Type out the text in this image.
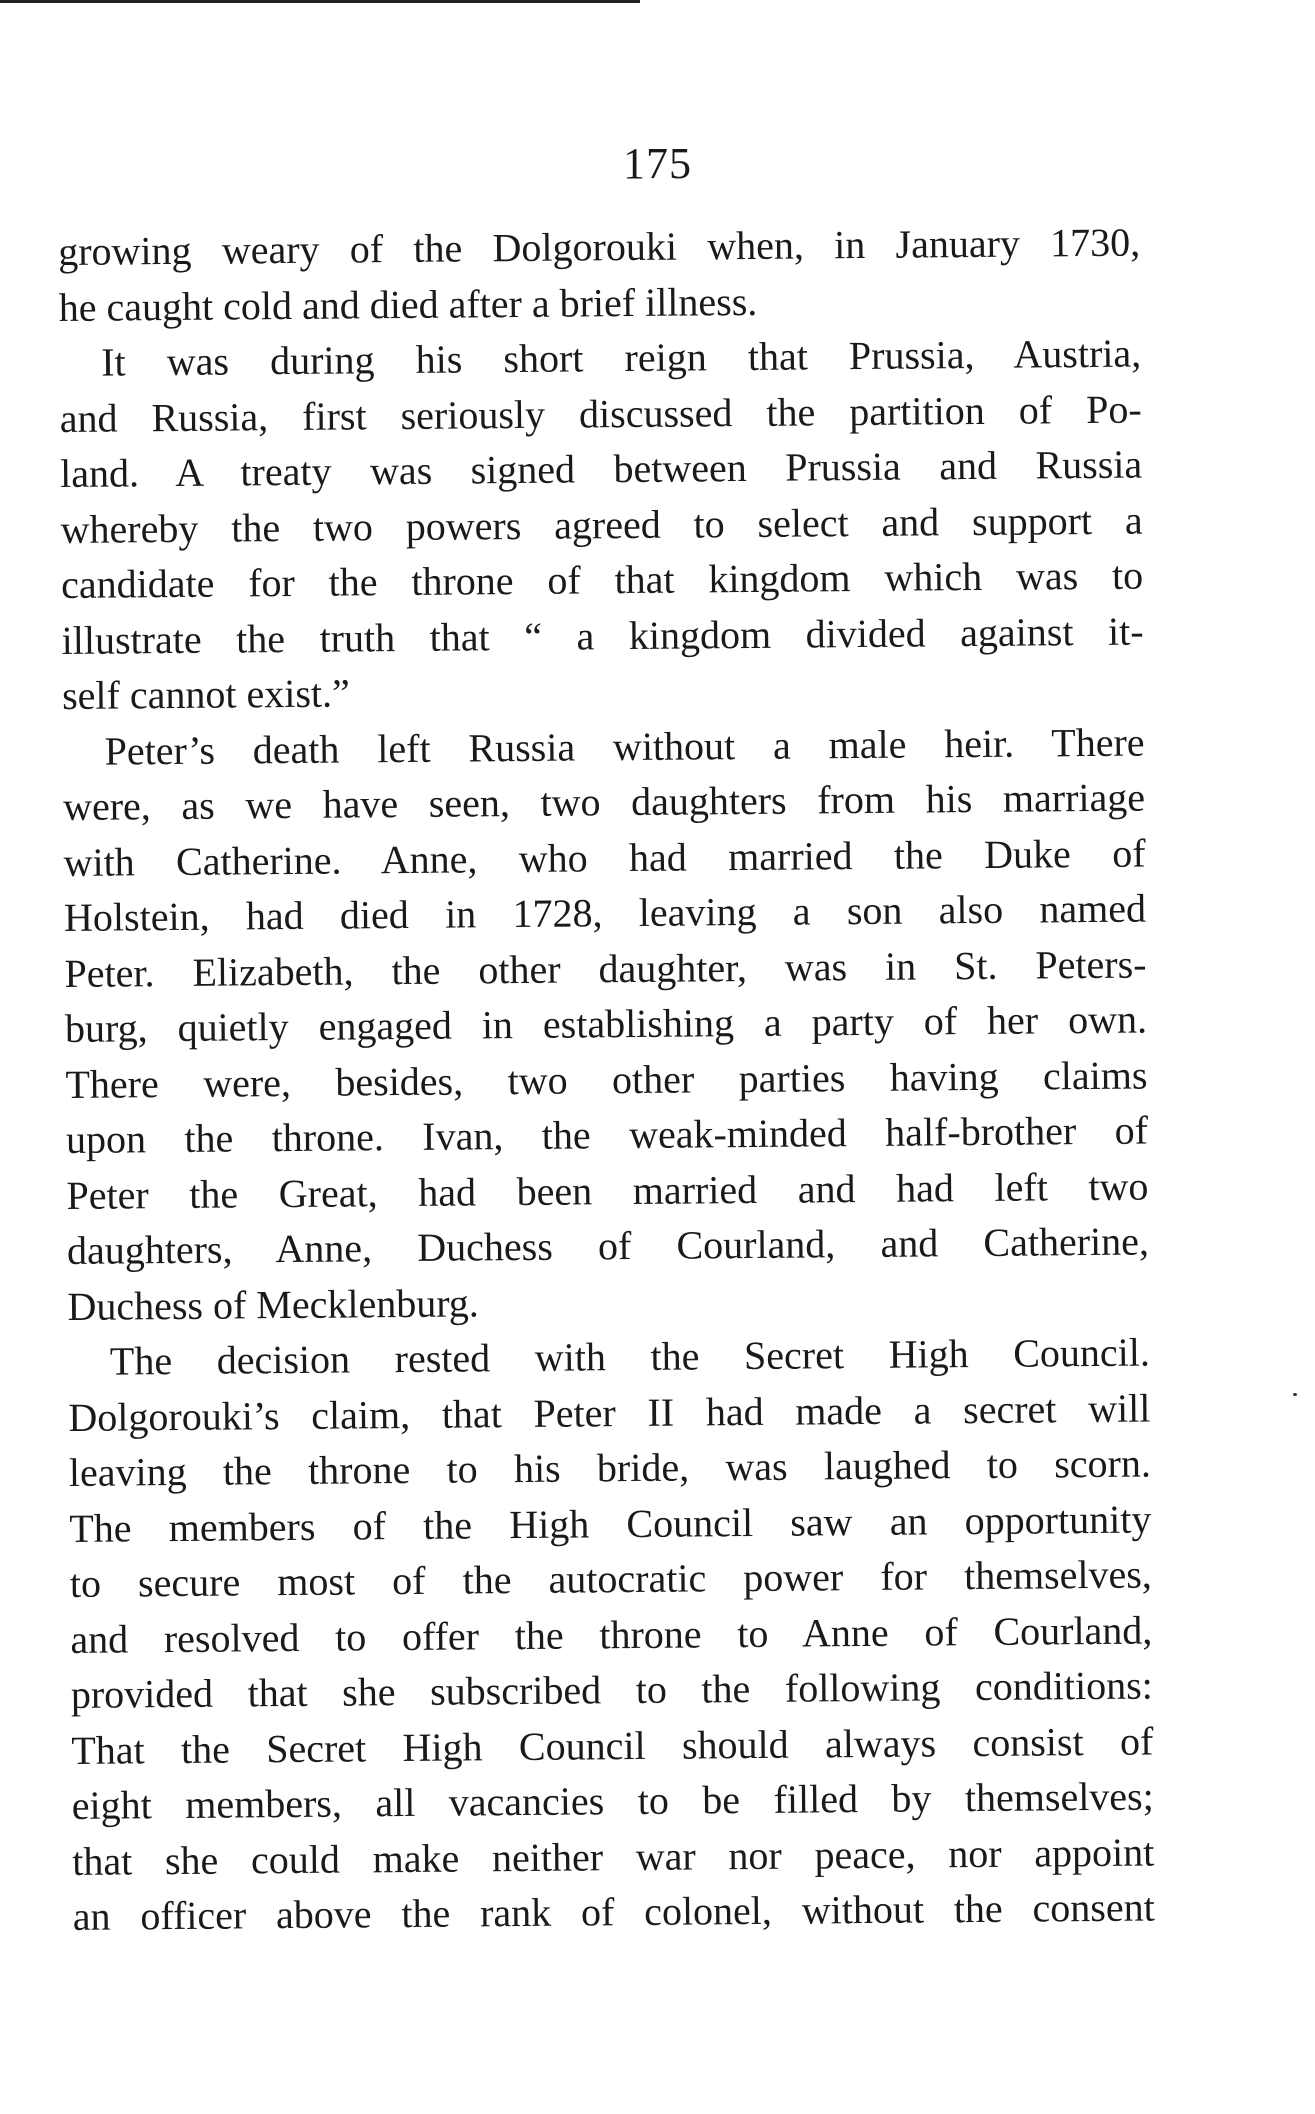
175

growing weary of the Dolgorouki when, in January 1730,
he caught cold and died after a brief illness.

It was during his short reign that Prussia, Austria,
and Russia, first seriously discussed the partition of Po-
land. A treaty was signed between Prussia and Russia
whereby the two powers agreed to select and support a
candidate for the throne of that kingdom which was to
illustrate the truth that “ a kingdom divided against it-
self cannot exist.”

Peter’s death left Russia without a male heir. There
were, as we have seen, two daughters from his marriage
with Catherine. Anne, who had married the Duke of
Holstein, had died in 1728, leaving a son also named
Peter. Elizabeth, the other daughter, was in St. Peters-
burg, quietly engaged in establishing a party of her own.
There were, besides, two other parties having claims
upon the throne. Ivan, the weak-minded half-brother of
Peter the Great, had been married and had left two
daughters, Anne, Duchess of Courland, and Catherine,
Duchess of Mecklenburg.

The decision rested with the Secret High Council.
Dolgorouki’s claim, that Peter II had made a secret will
leaving the throne to his bride, was laughed to scorn.
The members of the High Council saw an opportunity
to secure most of the autocratic power for themselves,
and resolved to offer the throne to Anne of Courland,
provided that she subscribed to the following conditions:
That the Secret High Council should always consist of
eight members, all vacancies to be filled by themselves;
that she could make neither war nor peace, nor appoint
an officer above the rank of colonel, without the consent
